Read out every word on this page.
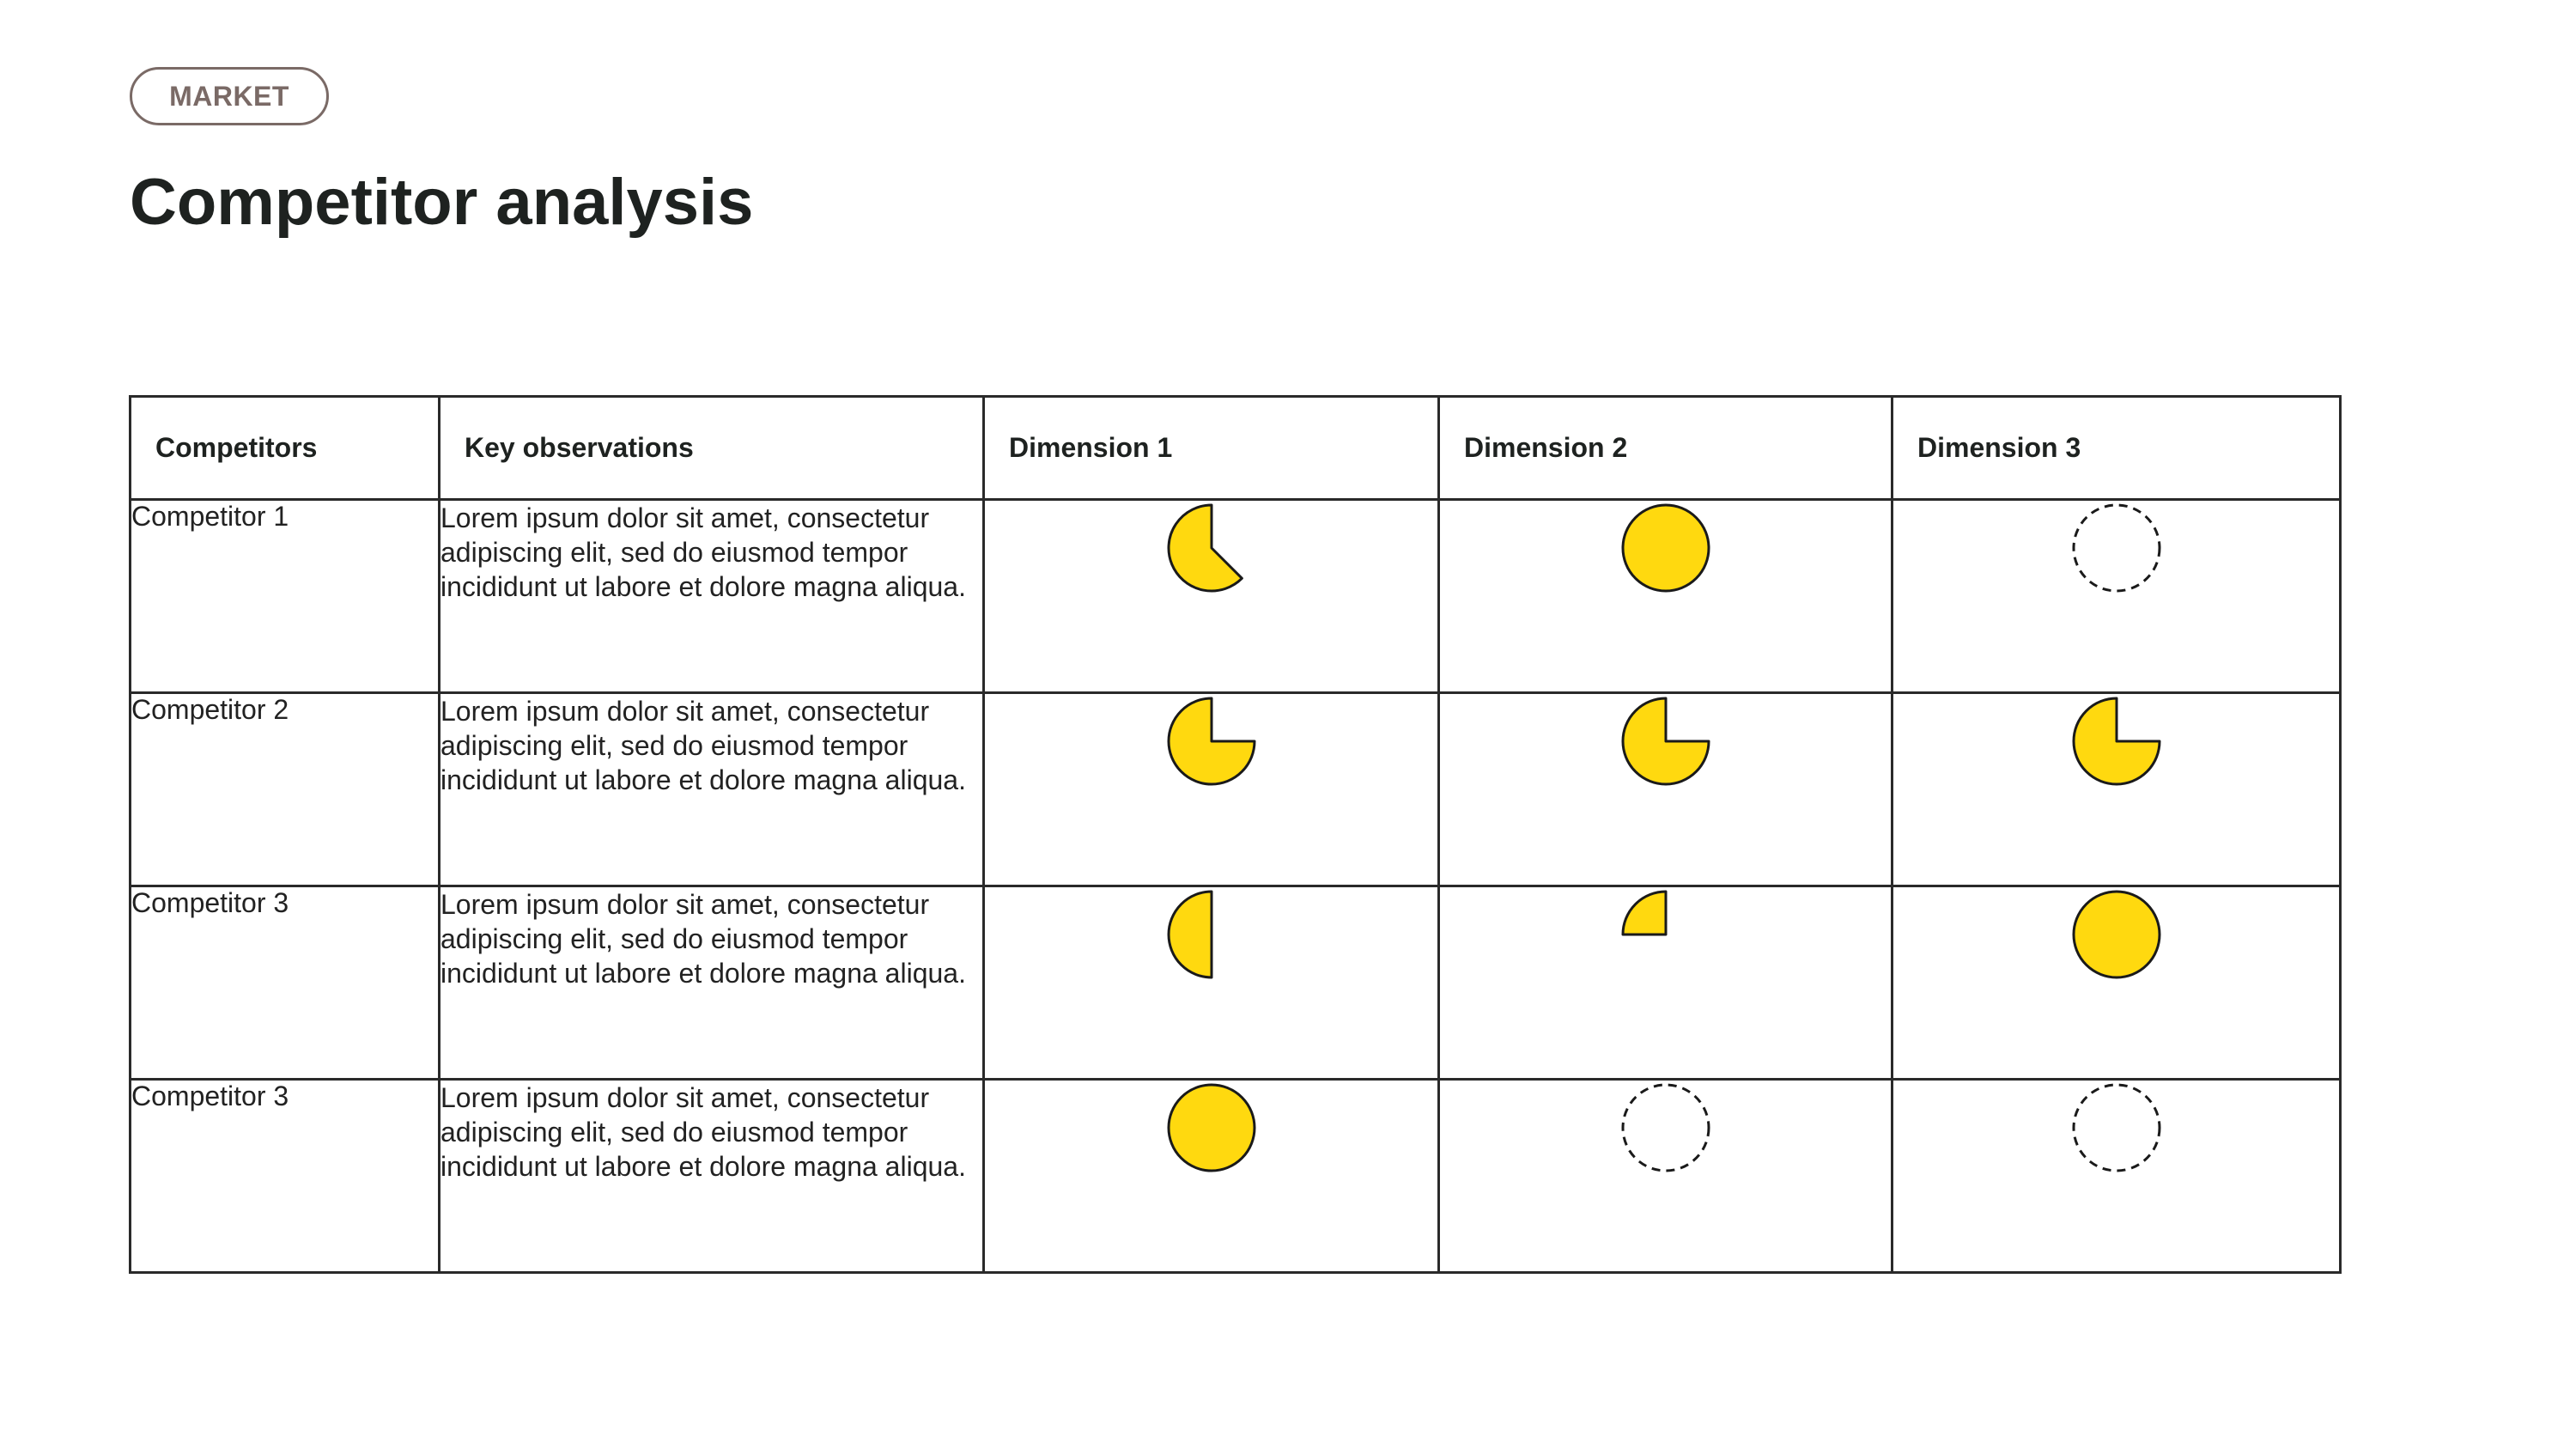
MARKET
Competitor analysis
Competitors	Key observations	Dimension 1	Dimension 2	Dimension 3
Competitor 1	Lorem ipsum dolor sit amet, consectetur adipiscing elit, sed do eiusmod tempor incididunt ut labore et dolore magna aliqua.	

Competitor 2	Lorem ipsum dolor sit amet, consectetur adipiscing elit, sed do eiusmod tempor incididunt ut labore et dolore magna aliqua.	

Competitor 3	Lorem ipsum dolor sit amet, consectetur adipiscing elit, sed do eiusmod tempor incididunt ut labore et dolore magna aliqua.	

Competitor 3	Lorem ipsum dolor sit amet, consectetur adipiscing elit, sed do eiusmod tempor incididunt ut labore et dolore magna aliqua.	
